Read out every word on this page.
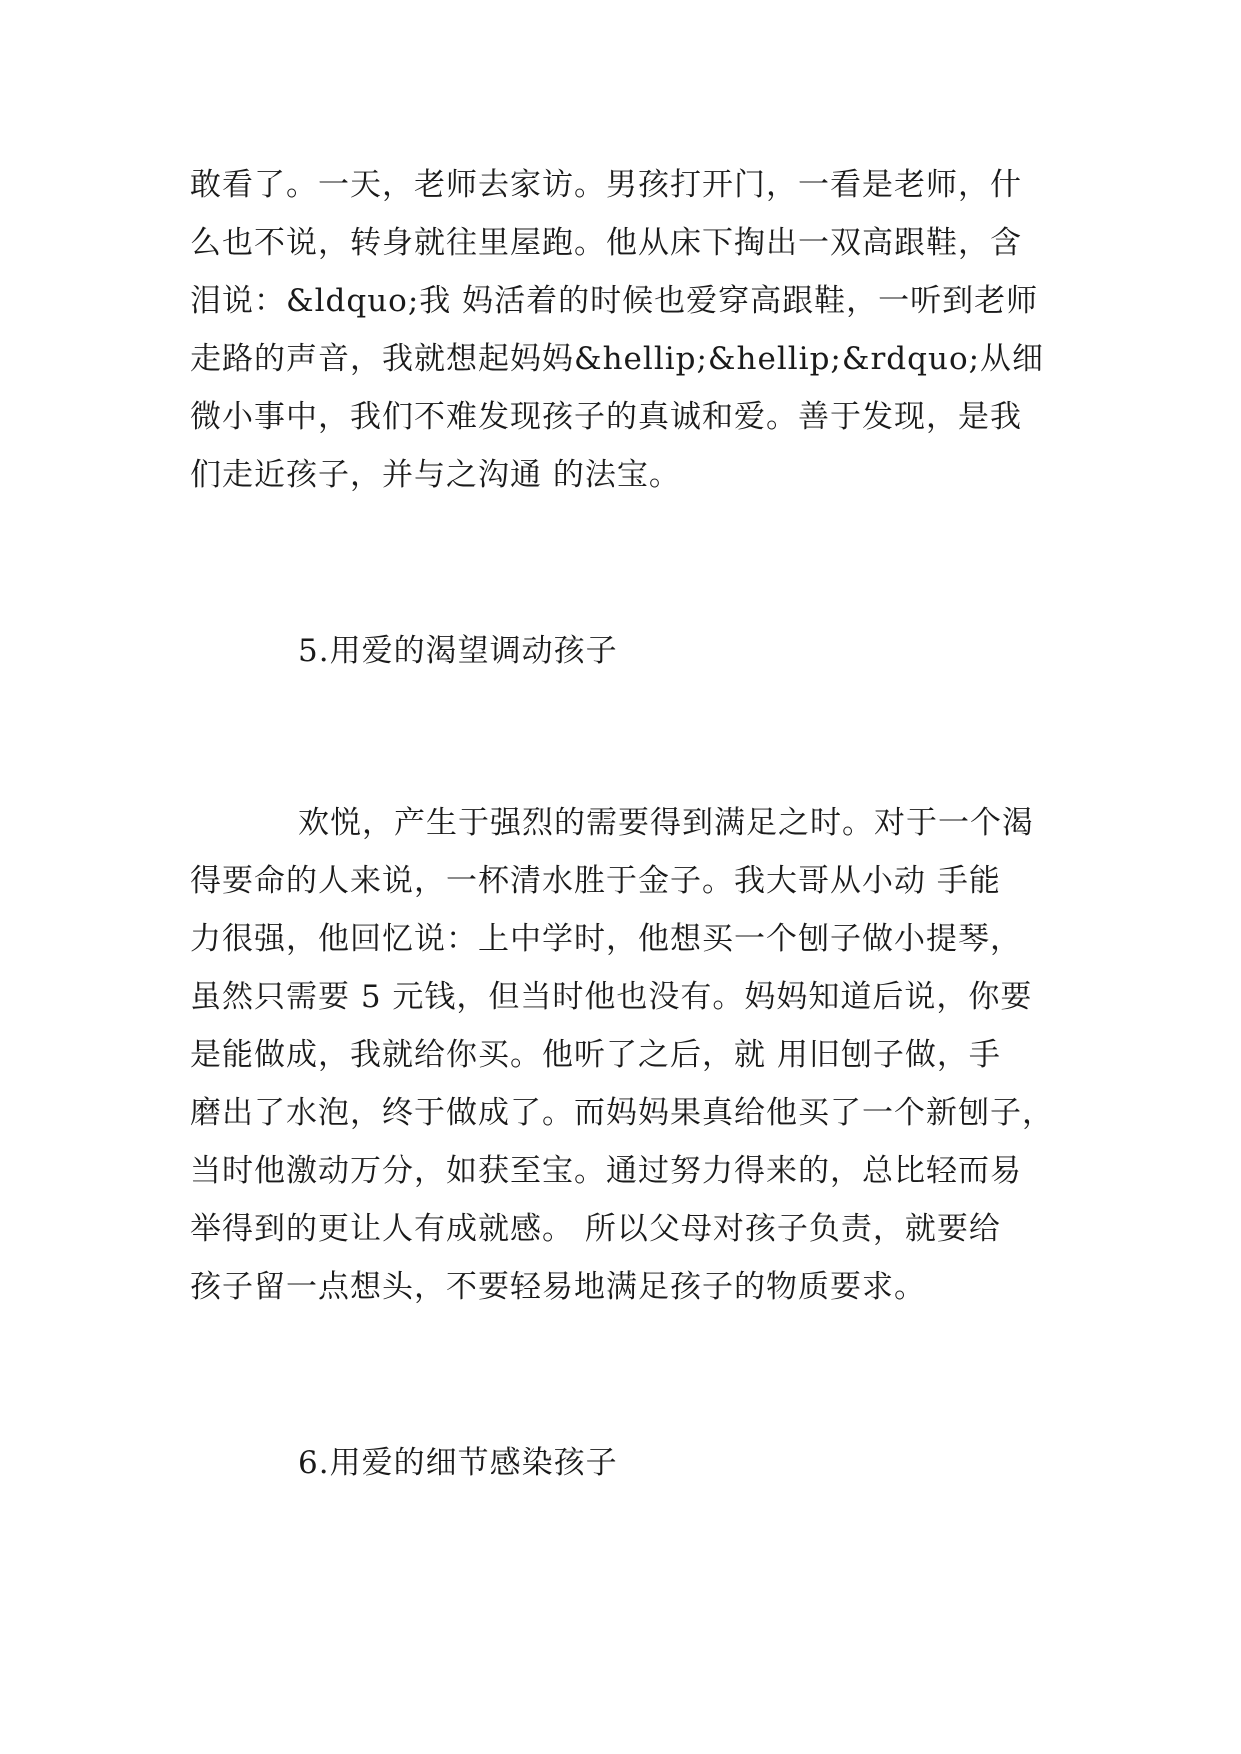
敢看了。一天，老师去家访。男孩打开门，一看是老师，什
么也不说，转身就往里屋跑。他从床下掏出一双高跟鞋，含
泪说：&ldquo;我 妈活着的时候也爱穿高跟鞋，一听到老师
走路的声音，我就想起妈妈&hellip;&hellip;&rdquo;从细
微小事中，我们不难发现孩子的真诚和爱。善于发现，是我
们走近孩子，并与之沟通 的法宝。
5.用爱的渴望调动孩子
欢悦，产生于强烈的需要得到满足之时。对于一个渴
得要命的人来说，一杯清水胜于金子。我大哥从小动 手能
力很强，他回忆说：上中学时，他想买一个刨子做小提琴，
虽然只需要 5 元钱，但当时他也没有。妈妈知道后说，你要
是能做成，我就给你买。他听了之后，就 用旧刨子做，手
磨出了水泡，终于做成了。而妈妈果真给他买了一个新刨子，
当时他激动万分，如获至宝。通过努力得来的，总比轻而易
举得到的更让人有成就感。 所以父母对孩子负责，就要给
孩子留一点想头，不要轻易地满足孩子的物质要求。
6.用爱的细节感染孩子
